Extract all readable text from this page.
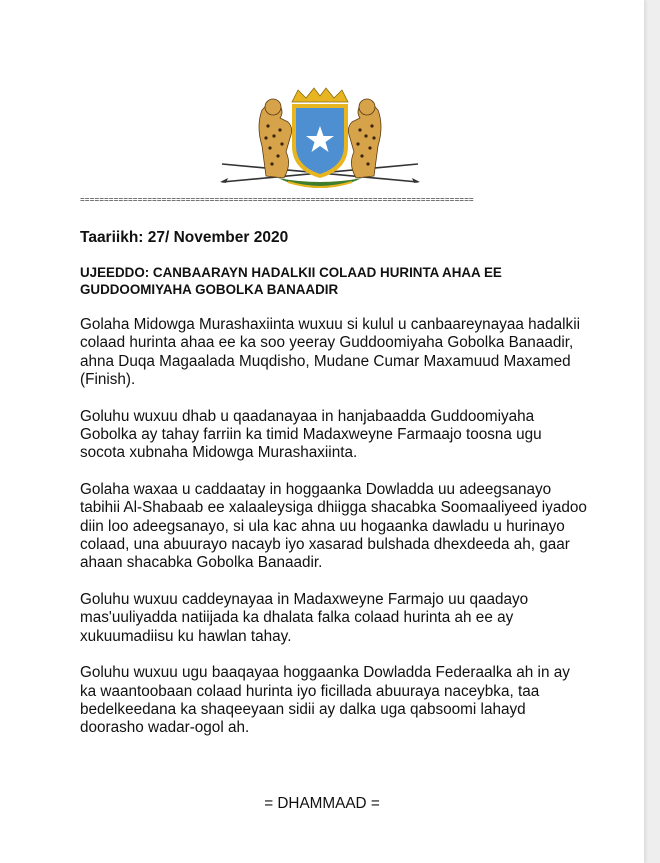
==================================================================================
Taariikh: 27/ November 2020
UJEEDDO: CANBAARAYN HADALKII COLAAD HURINTA AHAA EE GUDDOOMIYAHA GOBOLKA BANAADIR

Golaha Midowga Murashaxiinta wuxuu si kulul u canbaareynayaa hadalkii colaad hurinta ahaa ee ka soo yeeray Guddoomiyaha Gobolka Banaadir, ahna Duqa Magaalada Muqdisho, Mudane Cumar Maxamuud Maxamed (Finish).

Goluhu wuxuu dhab u qaadanayaa in hanjabaadda Guddoomiyaha Gobolka ay tahay farriin ka timid Madaxweyne Farmaajo toosna ugu socota xubnaha Midowga Murashaxiinta.

Golaha waxaa u caddaatay in hoggaanka Dowladda uu adeegsanayo tabihii Al-Shabaab ee xalaaleysiga dhiigga shacabka Soomaaliyeed iyadoo diin loo adeegsanayo, si ula kac ahna uu hogaanka dawladu u hurinayo colaad, una abuurayo nacayb iyo xasarad bulshada dhexdeeda ah, gaar ahaan shacabka Gobolka Banaadir.

Goluhu wuxuu caddeynayaa in Madaxweyne Farmajo uu qaadayo mas'uuliyadda natiijada ka dhalata falka colaad hurinta ah ee ay xukuumadiisu ku hawlan tahay.

Goluhu wuxuu ugu baaqayaa hoggaanka Dowladda Federaalka ah in ay ka waantoobaan colaad hurinta iyo ficillada abuuraya naceybka, taa bedelkeedana ka shaqeeyaan sidii ay dalka uga qabsoomi lahayd doorasho wadar-ogol ah.

= DHAMMAAD =
